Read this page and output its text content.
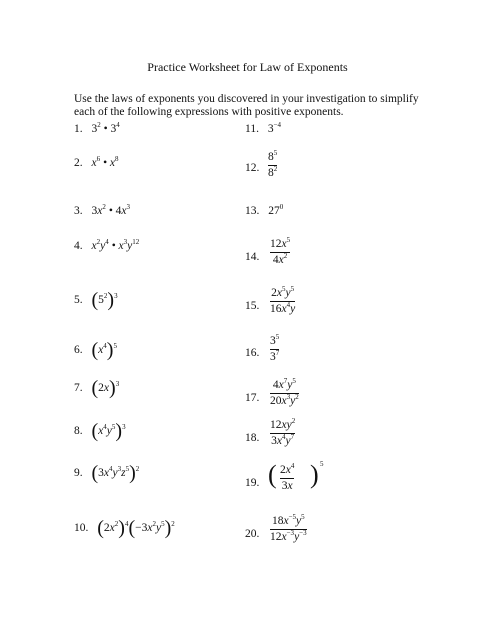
Practice Worksheet for Law of Exponents
Use the laws of exponents you discovered in your investigation to simplify each of the following expressions with positive exponents.
1. $3^2$ • $3^4$
2. $x^6$ • $x^8$
3. $3x^2$ • $4x^3$
4. $x^2y^4$ • $x^3y^{12}$
5. $(5^2)^3$
6. $(x^4)^5$
7. $(2x)^3$
8. $(x^4y^5)^3$
9. $(3x^4y^3z^5)^2$
10. $(2x^2)^4(-3x^2y^5)^2$
11. $3^{-4}$
12.
$8^5$
$8^2$
13. $27^0$
14.
$12x^5$
$4x^2$
15.
$2x^5y^5$
$16x^4y$
16.
$3^5$
$3^7$
17.
$4x^7y^5$
$20x^3y^2$
18.
$12xy^2$
$3x^4y^7$
19. ( $2x^4$
3x ) 5
20.
$18x^{-5}y^5$
$12x^{-3}y^{-3}$
